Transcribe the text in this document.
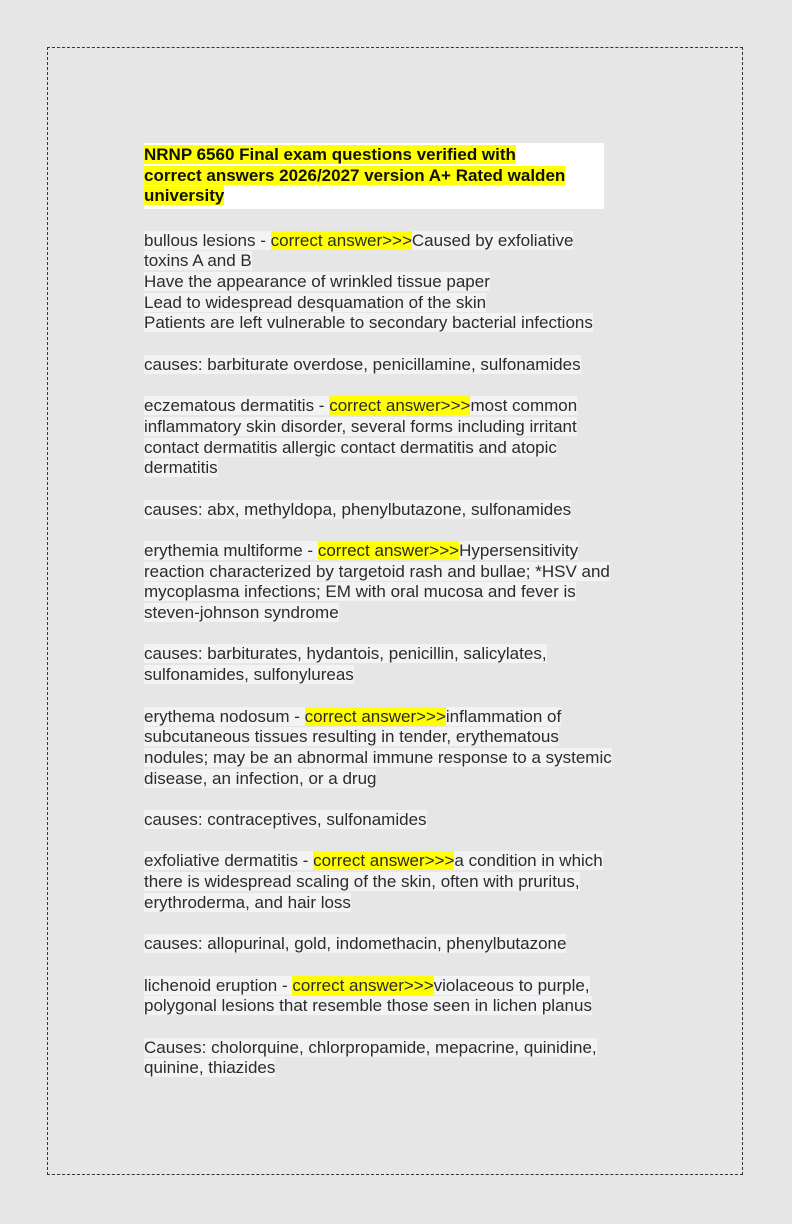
NRNP 6560 Final exam questions verified with
correct answers 2026/2027 version A+ Rated walden
university
bullous lesions - correct answer>>>Caused by exfoliative
toxins A and B
Have the appearance of wrinkled tissue paper
Lead to widespread desquamation of the skin
Patients are left vulnerable to secondary bacterial infections
causes: barbiturate overdose, penicillamine, sulfonamides
eczematous dermatitis - correct answer>>>most common
inflammatory skin disorder, several forms including irritant
contact dermatitis allergic contact dermatitis and atopic
dermatitis
causes: abx, methyldopa, phenylbutazone, sulfonamides
erythemia multiforme - correct answer>>>Hypersensitivity
reaction characterized by targetoid rash and bullae; *HSV and
mycoplasma infections; EM with oral mucosa and fever is
steven-johnson syndrome
causes: barbiturates, hydantois, penicillin, salicylates,
sulfonamides, sulfonylureas
erythema nodosum - correct answer>>>inflammation of
subcutaneous tissues resulting in tender, erythematous
nodules; may be an abnormal immune response to a systemic
disease, an infection, or a drug
causes: contraceptives, sulfonamides
exfoliative dermatitis - correct answer>>>a condition in which
there is widespread scaling of the skin, often with pruritus,
erythroderma, and hair loss
causes: allopurinal, gold, indomethacin, phenylbutazone
lichenoid eruption - correct answer>>>violaceous to purple,
polygonal lesions that resemble those seen in lichen planus
Causes: cholorquine, chlorpropamide, mepacrine, quinidine,
quinine, thiazides
